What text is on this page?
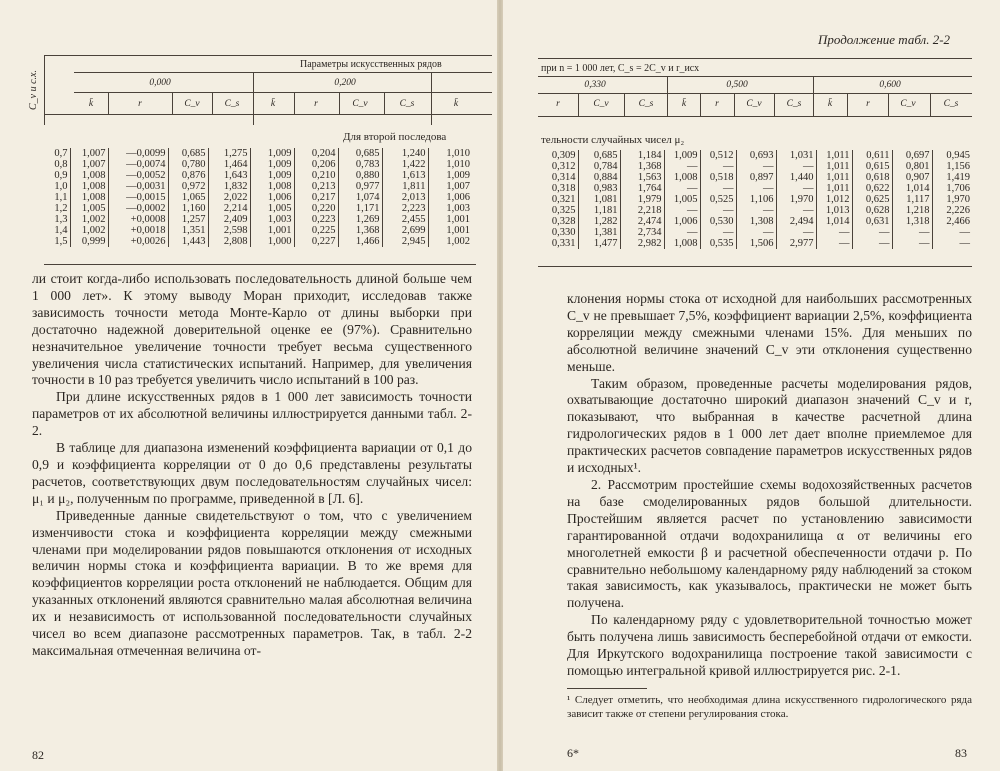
C_v и с.х.
Параметры искусственных рядов
0,000	0,200
k̄	r	C_v	C_s	k̄	r	C_v	C_s	k̄
Для второй последова
0,7	1,007	—0,0099	0,685	1,275	1,009	0,204	0,685	1,240	1,010
0,8	1,007	—0,0074	0,780	1,464	1,009	0,206	0,783	1,422	1,010
0,9	1,008	—0,0052	0,876	1,643	1,009	0,210	0,880	1,613	1,009
1,0	1,008	—0,0031	0,972	1,832	1,008	0,213	0,977	1,811	1,007
1,1	1,008	—0,0015	1,065	2,022	1,006	0,217	1,074	2,013	1,006
1,2	1,005	—0,0002	1,160	2,214	1,005	0,220	1,171	2,223	1,003
1,3	1,002	+0,0008	1,257	2,409	1,003	0,223	1,269	2,455	1,001
1,4	1,002	+0,0018	1,351	2,598	1,001	0,225	1,368	2,699	1,001
1,5	0,999	+0,0026	1,443	2,808	1,000	0,227	1,466	2,945	1,002

ли стоит когда-либо использовать последовательность длиной больше чем 1 000 лет». К этому выводу Моран приходит, исследовав также зависимость точности метода Монте-Карло от длины выборки при достаточно надежной доверительной оценке ее (97%). Сравнительно незначительное увеличение точности требует весьма существенного увеличения числа статистических испытаний. Например, для увеличения точности в 10 раз требуется увеличить число испытаний в 100 раз.

При длине искусственных рядов в 1 000 лет зависимость точности параметров от их абсолютной величины иллюстрируется данными табл. 2-2.

В таблице для диапазона изменений коэффициента вариации от 0,1 до 0,9 и коэффициента корреляции от 0 до 0,6 представлены результаты расчетов, соответствующих двум последовательностям случайных чисел: μ₁ и μ₂, полученным по программе, приведенной в [Л. 6].

Приведенные данные свидетельствуют о том, что с увеличением изменчивости стока и коэффициента корреляции между смежными членами при моделировании рядов повышаются отклонения от исходных величин нормы стока и коэффициента вариации. В то же время для коэффициентов корреляции роста отклонений не наблюдается. Общим для указанных отклонений являются сравнительно малая абсолютная величина их и независимость от использованной последовательности случайных чисел во всем диапазоне рассмотренных параметров. Так, в табл. 2-2 максимальная отмеченная величина от-

82
Продолжение табл. 2-2
при n = 1 000 лет, C_s = 2C_v и r_исх
0,330	0,500	0,600
r	C_v	C_s	k̄	r	C_v	C_s	k̄	r	C_v	C_s
тельности случайных чисел μ₂
0,309	0,685	1,184	1,009	0,512	0,693	1,031	1,011	0,611	0,697	0,945
0,312	0,784	1,368	—	—	—	—	1,011	0,615	0,801	1,156
0,314	0,884	1,563	1,008	0,518	0,897	1,440	1,011	0,618	0,907	1,419
0,318	0,983	1,764	—	—	—	—	1,011	0,622	1,014	1,706
0,321	1,081	1,979	1,005	0,525	1,106	1,970	1,012	0,625	1,117	1,970
0,325	1,181	2,218	—	—	—	—	1,013	0,628	1,218	2,226
0,328	1,282	2,474	1,006	0,530	1,308	2,494	1,014	0,631	1,318	2,466
0,330	1,381	2,734	—	—	—	—	—	—	—	—
0,331	1,477	2,982	1,008	0,535	1,506	2,977	—	—	—	—

клонения нормы стока от исходной для наибольших рассмотренных C_v не превышает 7,5%, коэффициент вариации 2,5%, коэффициента корреляции между смежными членами 15%. Для меньших по абсолютной величине значений C_v эти отклонения существенно меньше.

Таким образом, проведенные расчеты моделирования рядов, охватывающие достаточно широкий диапазон значений C_v и r, показывают, что выбранная в качестве расчетной длина гидрологических рядов в 1 000 лет дает вполне приемлемое для практических расчетов совпадение параметров искусственных рядов и исходных¹.

2. Рассмотрим простейшие схемы водохозяйственных расчетов на базе смоделированных рядов большой длительности. Простейшим является расчет по установлению зависимости гарантированной отдачи водохранилища α от величины его многолетней емкости β и расчетной обеспеченности отдачи p. По сравнительно небольшому календарному ряду наблюдений за стоком такая зависимость, как указывалось, практически не может быть получена.

По календарному ряду с удовлетворительной точностью может быть получена лишь зависимость бесперебойной отдачи от емкости. Для Иркутского водохранилища построение такой зависимости с помощью интегральной кривой иллюстрируется рис. 2-1.

¹ Следует отметить, что необходимая длина искусственного гидрологического ряда зависит также от степени регулирования стока.
6*	83
